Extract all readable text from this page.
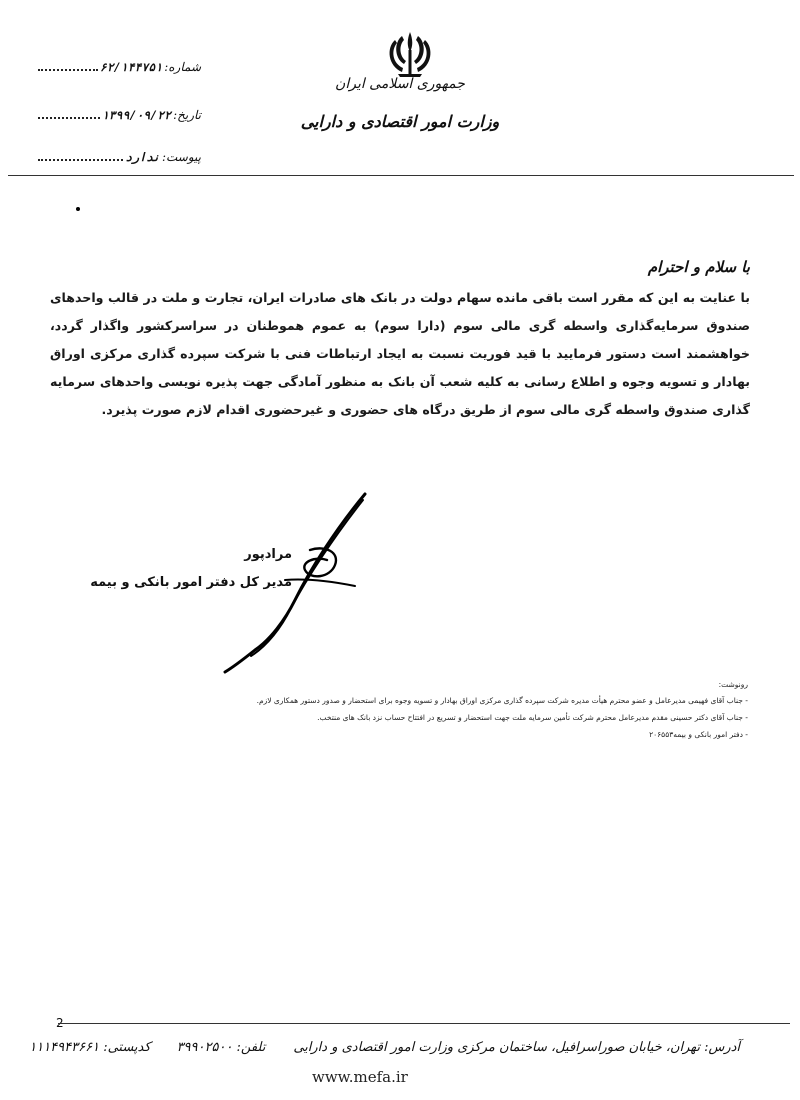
جمهوری اسلامی ایران
وزارت امور اقتصادی و دارایی
شماره:
۶۲/۱۴۴۷۵۱
تاریخ:
۱۳۹۹/۰۹/۲۲
پیوست:
ندارد
با سلام و احترام
با عنایت به این که مقرر است باقی مانده سهام دولت در بانک های صادرات ایران، تجارت و ملت در قالب واحدهای صندوق سرمایه‌گذاری واسطه گری مالی سوم (دارا سوم) به عموم هموطنان در سراسرکشور واگذار گردد، خواهشمند است دستور فرمایید با قید فوریت نسبت به ایجاد ارتباطات فنی با شرکت سپرده گذاری مرکزی اوراق بهادار و تسویه وجوه و اطلاع رسانی به کلیه شعب آن بانک به منظور آمادگی جهت پذیره نویسی واحدهای سرمایه گذاری صندوق واسطه گری مالی سوم از طریق درگاه های حضوری و غیرحضوری اقدام لازم صورت پذیرد.
مرادپور
مدیر کل دفتر امور بانکی و بیمه
رونوشت:
- جناب آقای فهیمی مدیرعامل و عضو محترم هیأت مدیره شرکت سپرده گذاری مرکزی اوراق بهادار و تسویه وجوه برای استحضار و صدور دستور همکاری لازم.
- جناب آقای دکتر حسینی مقدم مدیرعامل محترم شرکت تأمین سرمایه ملت جهت استحضار و تسریع در افتتاح حساب نزد بانک های منتخب.
- دفتر امور بانکی و بیمه۲۰۶۵۵۳
2
آدرس: تهران، خیابان صوراسرافیل، ساختمان مرکزی وزارت امور اقتصادی و دارایی
تلفن: ۳۹۹۰۲۵۰۰
کدپستی: ۱۱۱۴۹۴۳۶۶۱
www.mefa.ir
